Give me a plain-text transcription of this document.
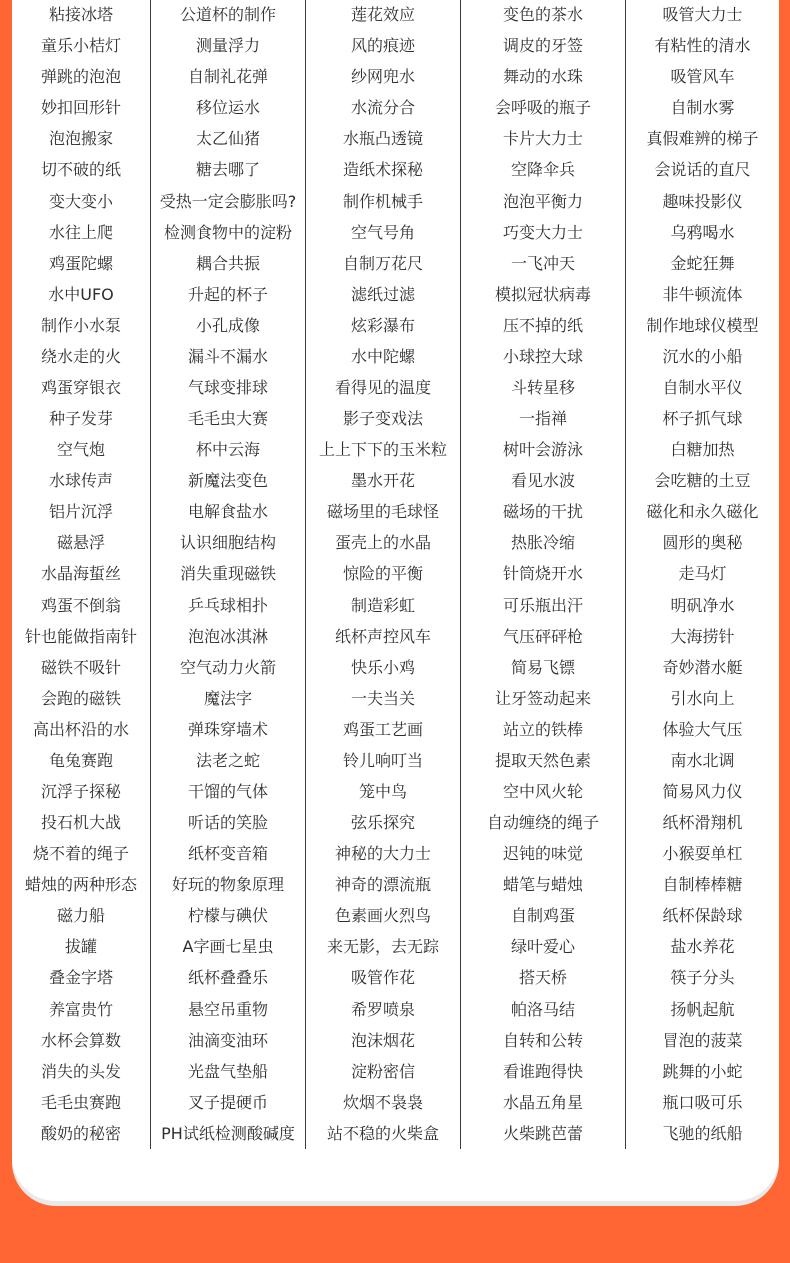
粘接冰塔
童乐小桔灯
弹跳的泡泡
妙扣回形针
泡泡搬家
切不破的纸
变大变小
水往上爬
鸡蛋陀螺
水中UFO
制作小水泵
绕水走的火
鸡蛋穿银衣
种子发芽
空气炮
水球传声
铝片沉浮
磁悬浮
水晶海蜇丝
鸡蛋不倒翁
针也能做指南针
磁铁不吸针
会跑的磁铁
高出杯沿的水
龟兔赛跑
沉浮子探秘
投石机大战
烧不着的绳子
蜡烛的两种形态
磁力船
拔罐
叠金字塔
养富贵竹
水杯会算数
消失的头发
毛毛虫赛跑
酸奶的秘密
公道杯的制作
测量浮力
自制礼花弹
移位运水
太乙仙猪
糖去哪了
受热一定会膨胀吗?
检测食物中的淀粉
耦合共振
升起的杯子
小孔成像
漏斗不漏水
气球变排球
毛毛虫大赛
杯中云海
新魔法变色
电解食盐水
认识细胞结构
消失重现磁铁
乒乓球相扑
泡泡冰淇淋
空气动力火箭
魔法字
弹珠穿墙术
法老之蛇
干馏的气体
听话的笑脸
纸杯变音箱
好玩的物象原理
柠檬与碘伏
A字画七星虫
纸杯叠叠乐
悬空吊重物
油滴变油环
光盘气垫船
叉子提硬币
PH试纸检测酸碱度
莲花效应
风的痕迹
纱网兜水
水流分合
水瓶凸透镜
造纸术探秘
制作机械手
空气号角
自制万花尺
滤纸过滤
炫彩瀑布
水中陀螺
看得见的温度
影子变戏法
上上下下的玉米粒
墨水开花
磁场里的毛球怪
蛋壳上的水晶
惊险的平衡
制造彩虹
纸杯声控风车
快乐小鸡
一夫当关
鸡蛋工艺画
铃儿响叮当
笼中鸟
弦乐探究
神秘的大力士
神奇的漂流瓶
色素画火烈鸟
来无影，去无踪
吸管作花
希罗喷泉
泡沫烟花
淀粉密信
炊烟不袅袅
站不稳的火柴盒
变色的茶水
调皮的牙签
舞动的水珠
会呼吸的瓶子
卡片大力士
空降伞兵
泡泡平衡力
巧变大力士
一飞冲天
模拟冠状病毒
压不掉的纸
小球控大球
斗转星移
一指禅
树叶会游泳
看见水波
磁场的干扰
热胀冷缩
针筒烧开水
可乐瓶出汗
气压砰砰枪
简易飞镖
让牙签动起来
站立的铁棒
提取天然色素
空中风火轮
自动缠绕的绳子
迟钝的味觉
蜡笔与蜡烛
自制鸡蛋
绿叶爱心
搭天桥
帕洛马结
自转和公转
看谁跑得快
水晶五角星
火柴跳芭蕾
吸管大力士
有粘性的清水
吸管风车
自制水雾
真假难辨的梯子
会说话的直尺
趣味投影仪
乌鸦喝水
金蛇狂舞
非牛顿流体
制作地球仪模型
沉水的小船
自制水平仪
杯子抓气球
白糖加热
会吃糖的土豆
磁化和永久磁化
圆形的奥秘
走马灯
明矾净水
大海捞针
奇妙潜水艇
引水向上
体验大气压
南水北调
简易风力仪
纸杯滑翔机
小猴耍单杠
自制棒棒糖
纸杯保龄球
盐水养花
筷子分头
扬帆起航
冒泡的菠菜
跳舞的小蛇
瓶口吸可乐
飞驰的纸船
